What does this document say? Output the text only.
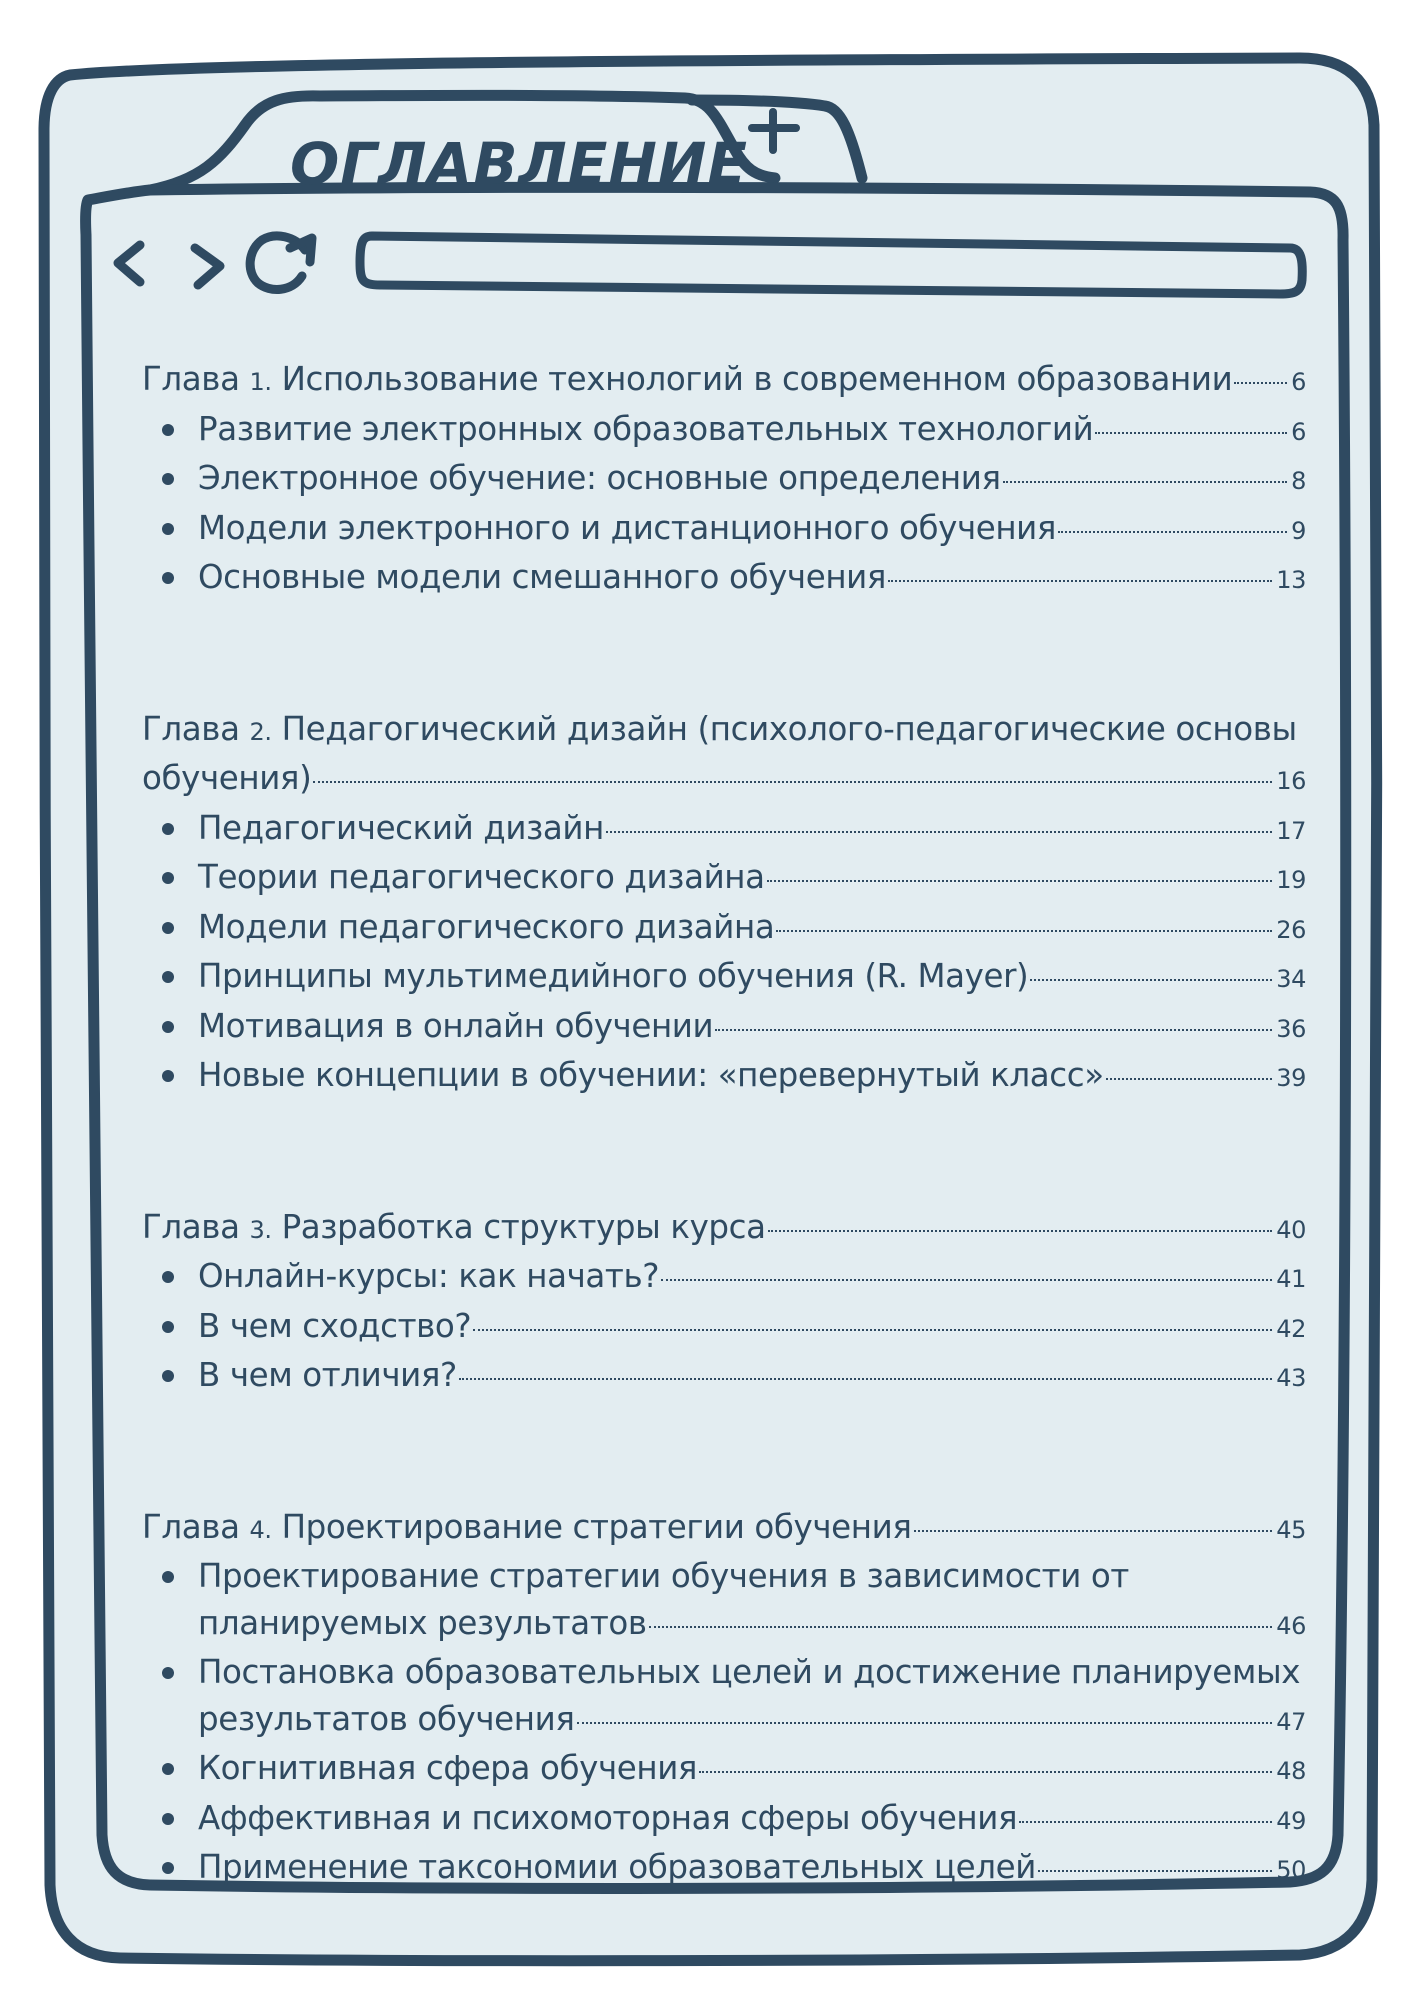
ОГЛАВЛЕНИЕ
Глава 1. Использование технологий в современном образовании 6
Развитие электронных образовательных технологий	6
Электронное обучение: основные определения	8
Модели электронного и дистанционного обучения	9
Основные модели смешанного обучения	13
Глава 2. Педагогический дизайн (психолого-педагогические основы
обучения)	16
Педагогический дизайн	17
Теории педагогического дизайна	19
Модели педагогического дизайна	26
Принципы мультимедийного обучения (R. Mayer)	34
Мотивация в онлайн обучении	36
Новые концепции в обучении: «перевернутый класс»	39
Глава 3. Разработка структуры курса	40
Онлайн-курсы: как начать?	41
В чем сходство?	42
В чем отличия?	43
Глава 4. Проектирование стратегии обучения	45
Проектирование стратегии обучения в зависимости от
планируемых результатов	46
Постановка образовательных целей и достижение планируемых
результатов обучения	47
Когнитивная сфера обучения	48
Аффективная и психомоторная сферы обучения	49
Применение таксономии образовательных целей	50
